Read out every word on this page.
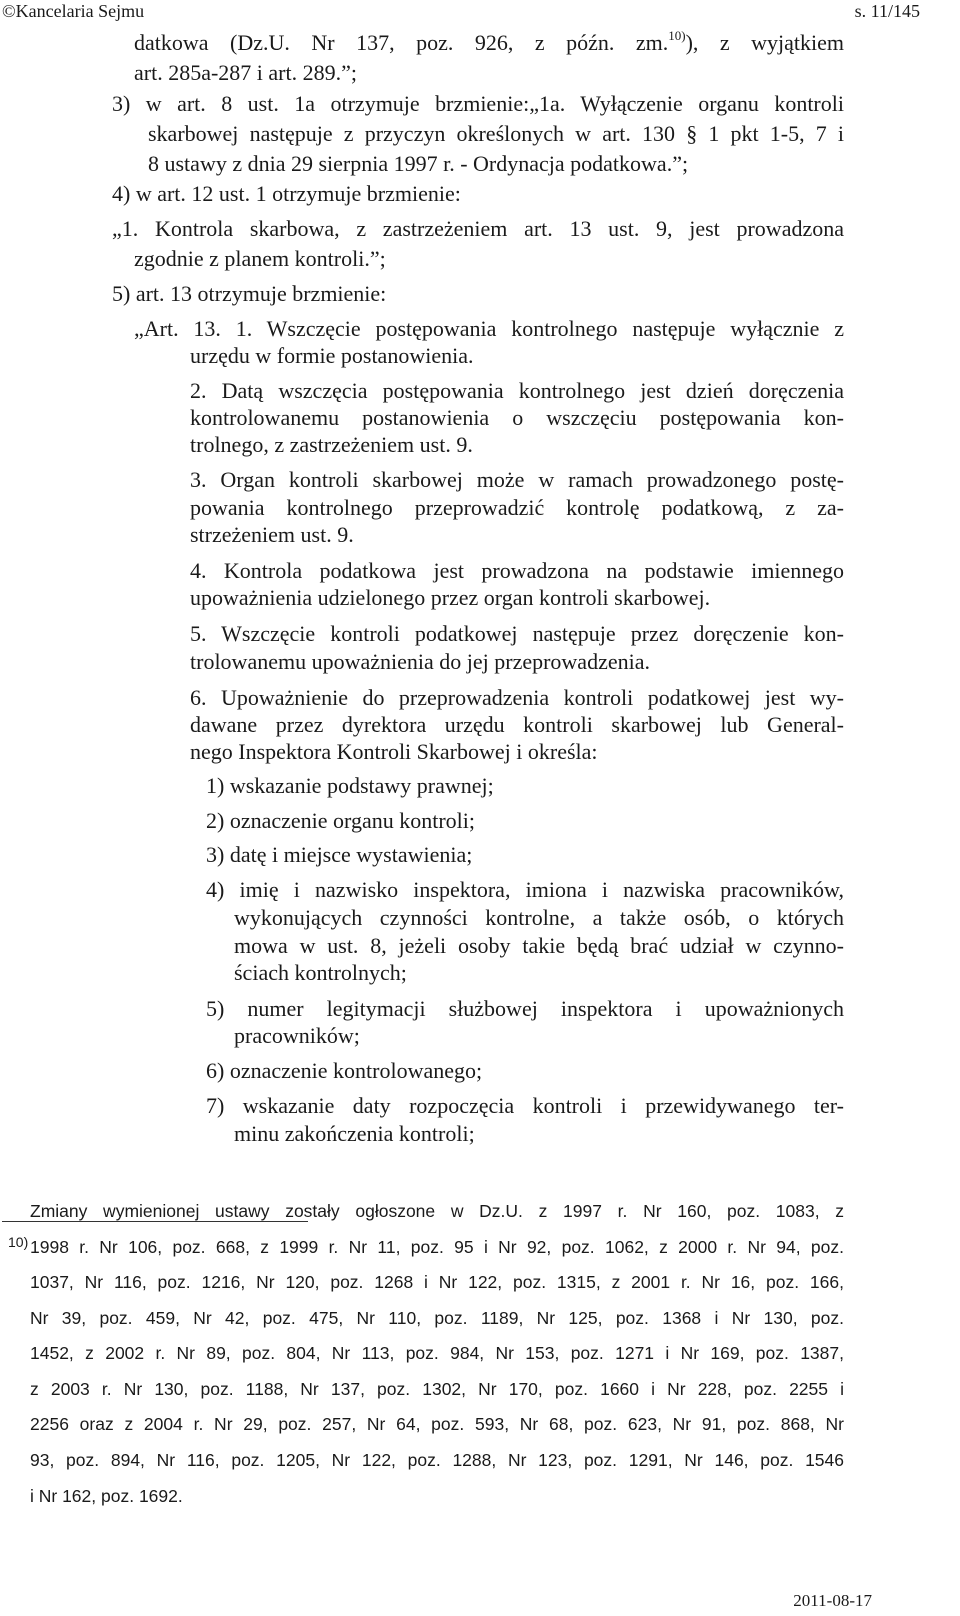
©Kancelaria Sejmu	s. 11/145
datkowa (Dz.U. Nr 137, poz. 926, z późn. zm.$^{10)}$), z wyjątkiem
art. 285a-287 i art. 289.”;
3) w art. 8 ust. 1a otrzymuje brzmienie:„1a. Wyłączenie organu kontroli
skarbowej następuje z przyczyn określonych w art. 130 § 1 pkt 1-5, 7 i
8 ustawy z dnia 29 sierpnia 1997 r. - Ordynacja podatkowa.”;
4) w art. 12 ust. 1 otrzymuje brzmienie:
„1. Kontrola skarbowa, z zastrzeżeniem art. 13 ust. 9, jest prowadzona
zgodnie z planem kontroli.”;
5) art. 13 otrzymuje brzmienie:
„Art. 13. 1. Wszczęcie postępowania kontrolnego następuje wyłącznie z
urzędu w formie postanowienia.
2. Datą wszczęcia postępowania kontrolnego jest dzień doręczenia
kontrolowanemu postanowienia o wszczęciu postępowania kon-
trolnego, z zastrzeżeniem ust. 9.
3. Organ kontroli skarbowej może w ramach prowadzonego postę-
powania kontrolnego przeprowadzić kontrolę podatkową, z za-
strzeżeniem ust. 9.
4. Kontrola podatkowa jest prowadzona na podstawie imiennego
upoważnienia udzielonego przez organ kontroli skarbowej.
5. Wszczęcie kontroli podatkowej następuje przez doręczenie kon-
trolowanemu upoważnienia do jej przeprowadzenia.
6. Upoważnienie do przeprowadzenia kontroli podatkowej jest wy-
dawane przez dyrektora urzędu kontroli skarbowej lub General-
nego Inspektora Kontroli Skarbowej i określa:
1) wskazanie podstawy prawnej;
2) oznaczenie organu kontroli;
3) datę i miejsce wystawienia;
4) imię i nazwisko inspektora, imiona i nazwiska pracowników,
wykonujących czynności kontrolne, a także osób, o których
mowa w ust. 8, jeżeli osoby takie będą brać udział w czynno-
ściach kontrolnych;
5) numer legitymacji służbowej inspektora i upoważnionych
pracowników;
6) oznaczenie kontrolowanego;
7) wskazanie daty rozpoczęcia kontroli i przewidywanego ter-
minu zakończenia kontroli;
10)
Zmiany wymienionej ustawy zostały ogłoszone w Dz.U. z 1997 r. Nr 160, poz. 1083, z
1998 r. Nr 106, poz. 668, z 1999 r. Nr 11, poz. 95 i Nr 92, poz. 1062, z 2000 r. Nr 94, poz.
1037, Nr 116, poz. 1216, Nr 120, poz. 1268 i Nr 122, poz. 1315, z 2001 r. Nr 16, poz. 166,
Nr 39, poz. 459, Nr 42, poz. 475, Nr 110, poz. 1189, Nr 125, poz. 1368 i Nr 130, poz.
1452, z 2002 r. Nr 89, poz. 804, Nr 113, poz. 984, Nr 153, poz. 1271 i Nr 169, poz. 1387,
z 2003 r. Nr 130, poz. 1188, Nr 137, poz. 1302, Nr 170, poz. 1660 i Nr 228, poz. 2255 i
2256 oraz z 2004 r. Nr 29, poz. 257, Nr 64, poz. 593, Nr 68, poz. 623, Nr 91, poz. 868, Nr
93, poz. 894, Nr 116, poz. 1205, Nr 122, poz. 1288, Nr 123, poz. 1291, Nr 146, poz. 1546
i Nr 162, poz. 1692.
2011-08-17
